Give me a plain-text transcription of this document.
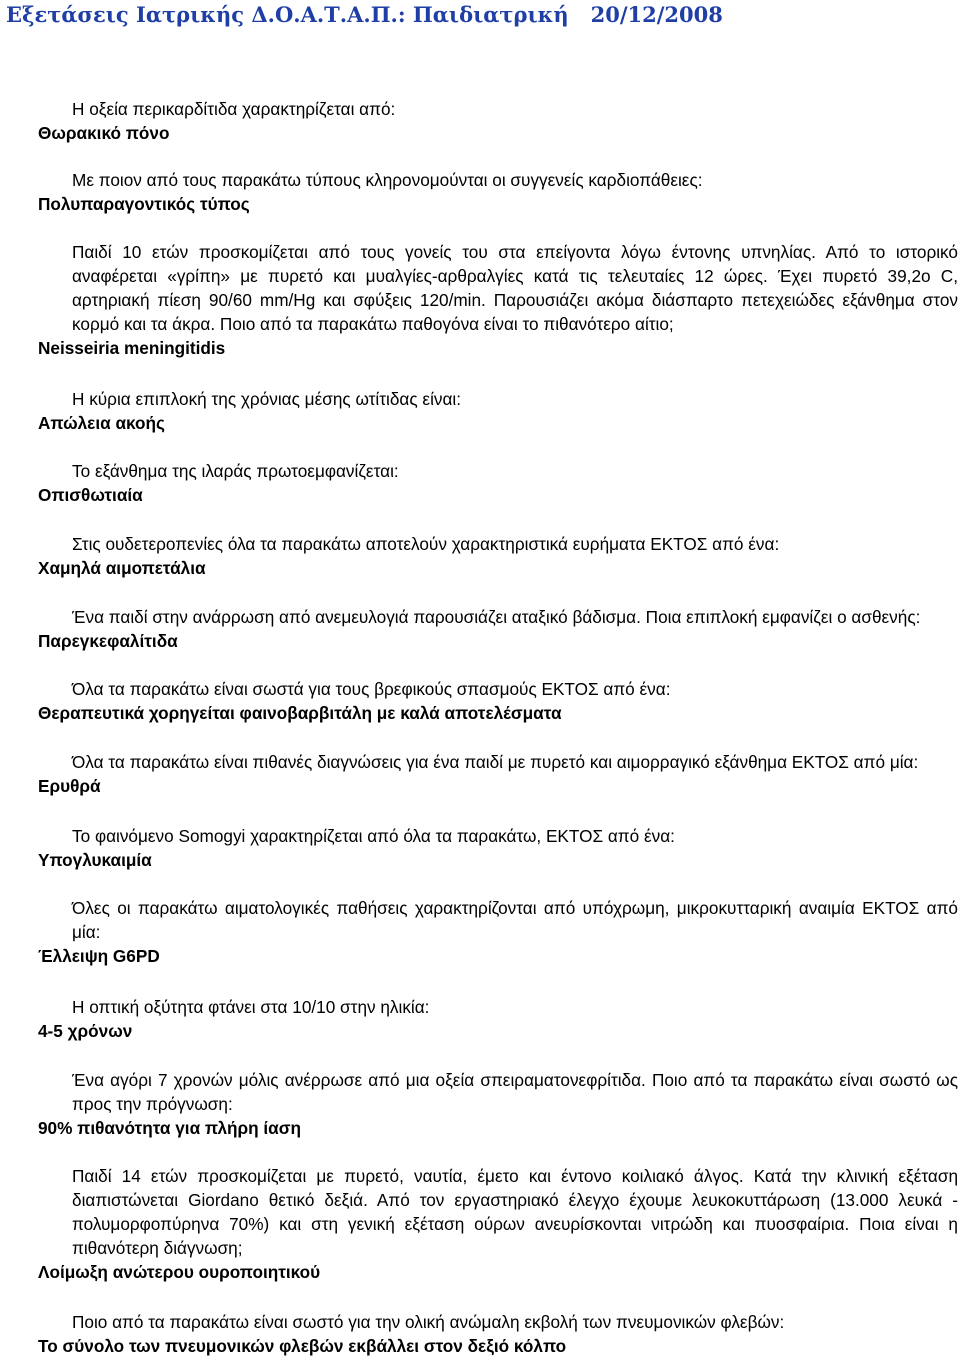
Εξετάσεις Ιατρικής Δ.Ο.Α.Τ.Α.Π.: Παιδιατρική 20/12/2008
Η οξεία περικαρδίτιδα χαρακτηρίζεται από:
Θωρακικό πόνο
Με ποιον από τους παρακάτω τύπους κληρονομούνται οι συγγενείς καρδιοπάθειες:
Πολυπαραγοντικός τύπος
Παιδί 10 ετών προσκομίζεται από τους γονείς του στα επείγοντα λόγω έντονης υπνηλίας. Από το ιστορικό αναφέρεται «γρίπη» με πυρετό και μυαλγίες-αρθραλγίες κατά τις τελευταίες 12 ώρες. Έχει πυρετό 39,2ο C, αρτηριακή πίεση 90/60 mm/Hg και σφύξεις 120/min. Παρουσιάζει ακόμα διάσπαρτο πετεχειώδες εξάνθημα στον κορμό και τα άκρα. Ποιο από τα παρακάτω παθογόνα είναι το πιθανότερο αίτιο;
Neisseiria meningitidis
Η κύρια επιπλοκή της χρόνιας μέσης ωτίτιδας είναι:
Απώλεια ακοής
Το εξάνθημα της ιλαράς πρωτοεμφανίζεται:
Οπισθωτιαία
Στις ουδετεροπενίες όλα τα παρακάτω αποτελούν χαρακτηριστικά ευρήματα ΕΚΤΟΣ από ένα:
Χαμηλά αιμοπετάλια
Ένα παιδί στην ανάρρωση από ανεμευλογιά παρουσιάζει αταξικό βάδισμα. Ποια επιπλοκή εμφανίζει ο ασθενής:
Παρεγκεφαλίτιδα
Όλα τα παρακάτω είναι σωστά για τους βρεφικούς σπασμούς ΕΚΤΟΣ από ένα:
Θεραπευτικά χορηγείται φαινοβαρβιτάλη με καλά αποτελέσματα
Όλα τα παρακάτω είναι πιθανές διαγνώσεις για ένα παιδί με πυρετό και αιμορραγικό εξάνθημα ΕΚΤΟΣ από μία:
Ερυθρά
Το φαινόμενο Somogyi χαρακτηρίζεται από όλα τα παρακάτω, ΕΚΤΟΣ από ένα:
Υπογλυκαιμία
Όλες οι παρακάτω αιματολογικές παθήσεις χαρακτηρίζονται από υπόχρωμη, μικροκυτταρική αναιμία ΕΚΤΟΣ από μία:
Έλλειψη G6PD
Η οπτική οξύτητα φτάνει στα 10/10 στην ηλικία:
4-5 χρόνων
Ένα αγόρι 7 χρονών μόλις ανέρρωσε από μια οξεία σπειραματονεφρίτιδα. Ποιο από τα παρακάτω είναι σωστό ως προς την πρόγνωση:
90% πιθανότητα για πλήρη ίαση
Παιδί 14 ετών προσκομίζεται με πυρετό, ναυτία, έμετο και έντονο κοιλιακό άλγος. Κατά την κλινική εξέταση διαπιστώνεται Giordano θετικό δεξιά. Από τον εργαστηριακό έλεγχο έχουμε λευκοκυττάρωση (13.000 λευκά - πολυμορφοπύρηνα 70%) και στη γενική εξέταση ούρων ανευρίσκονται νιτρώδη και πυοσφαίρια. Ποια είναι η πιθανότερη διάγνωση;
Λοίμωξη ανώτερου ουροποιητικού
Ποιο από τα παρακάτω είναι σωστό για την ολική ανώμαλη εκβολή των πνευμονικών φλεβών:
Το σύνολο των πνευμονικών φλεβών εκβάλλει στον δεξιό κόλπο
